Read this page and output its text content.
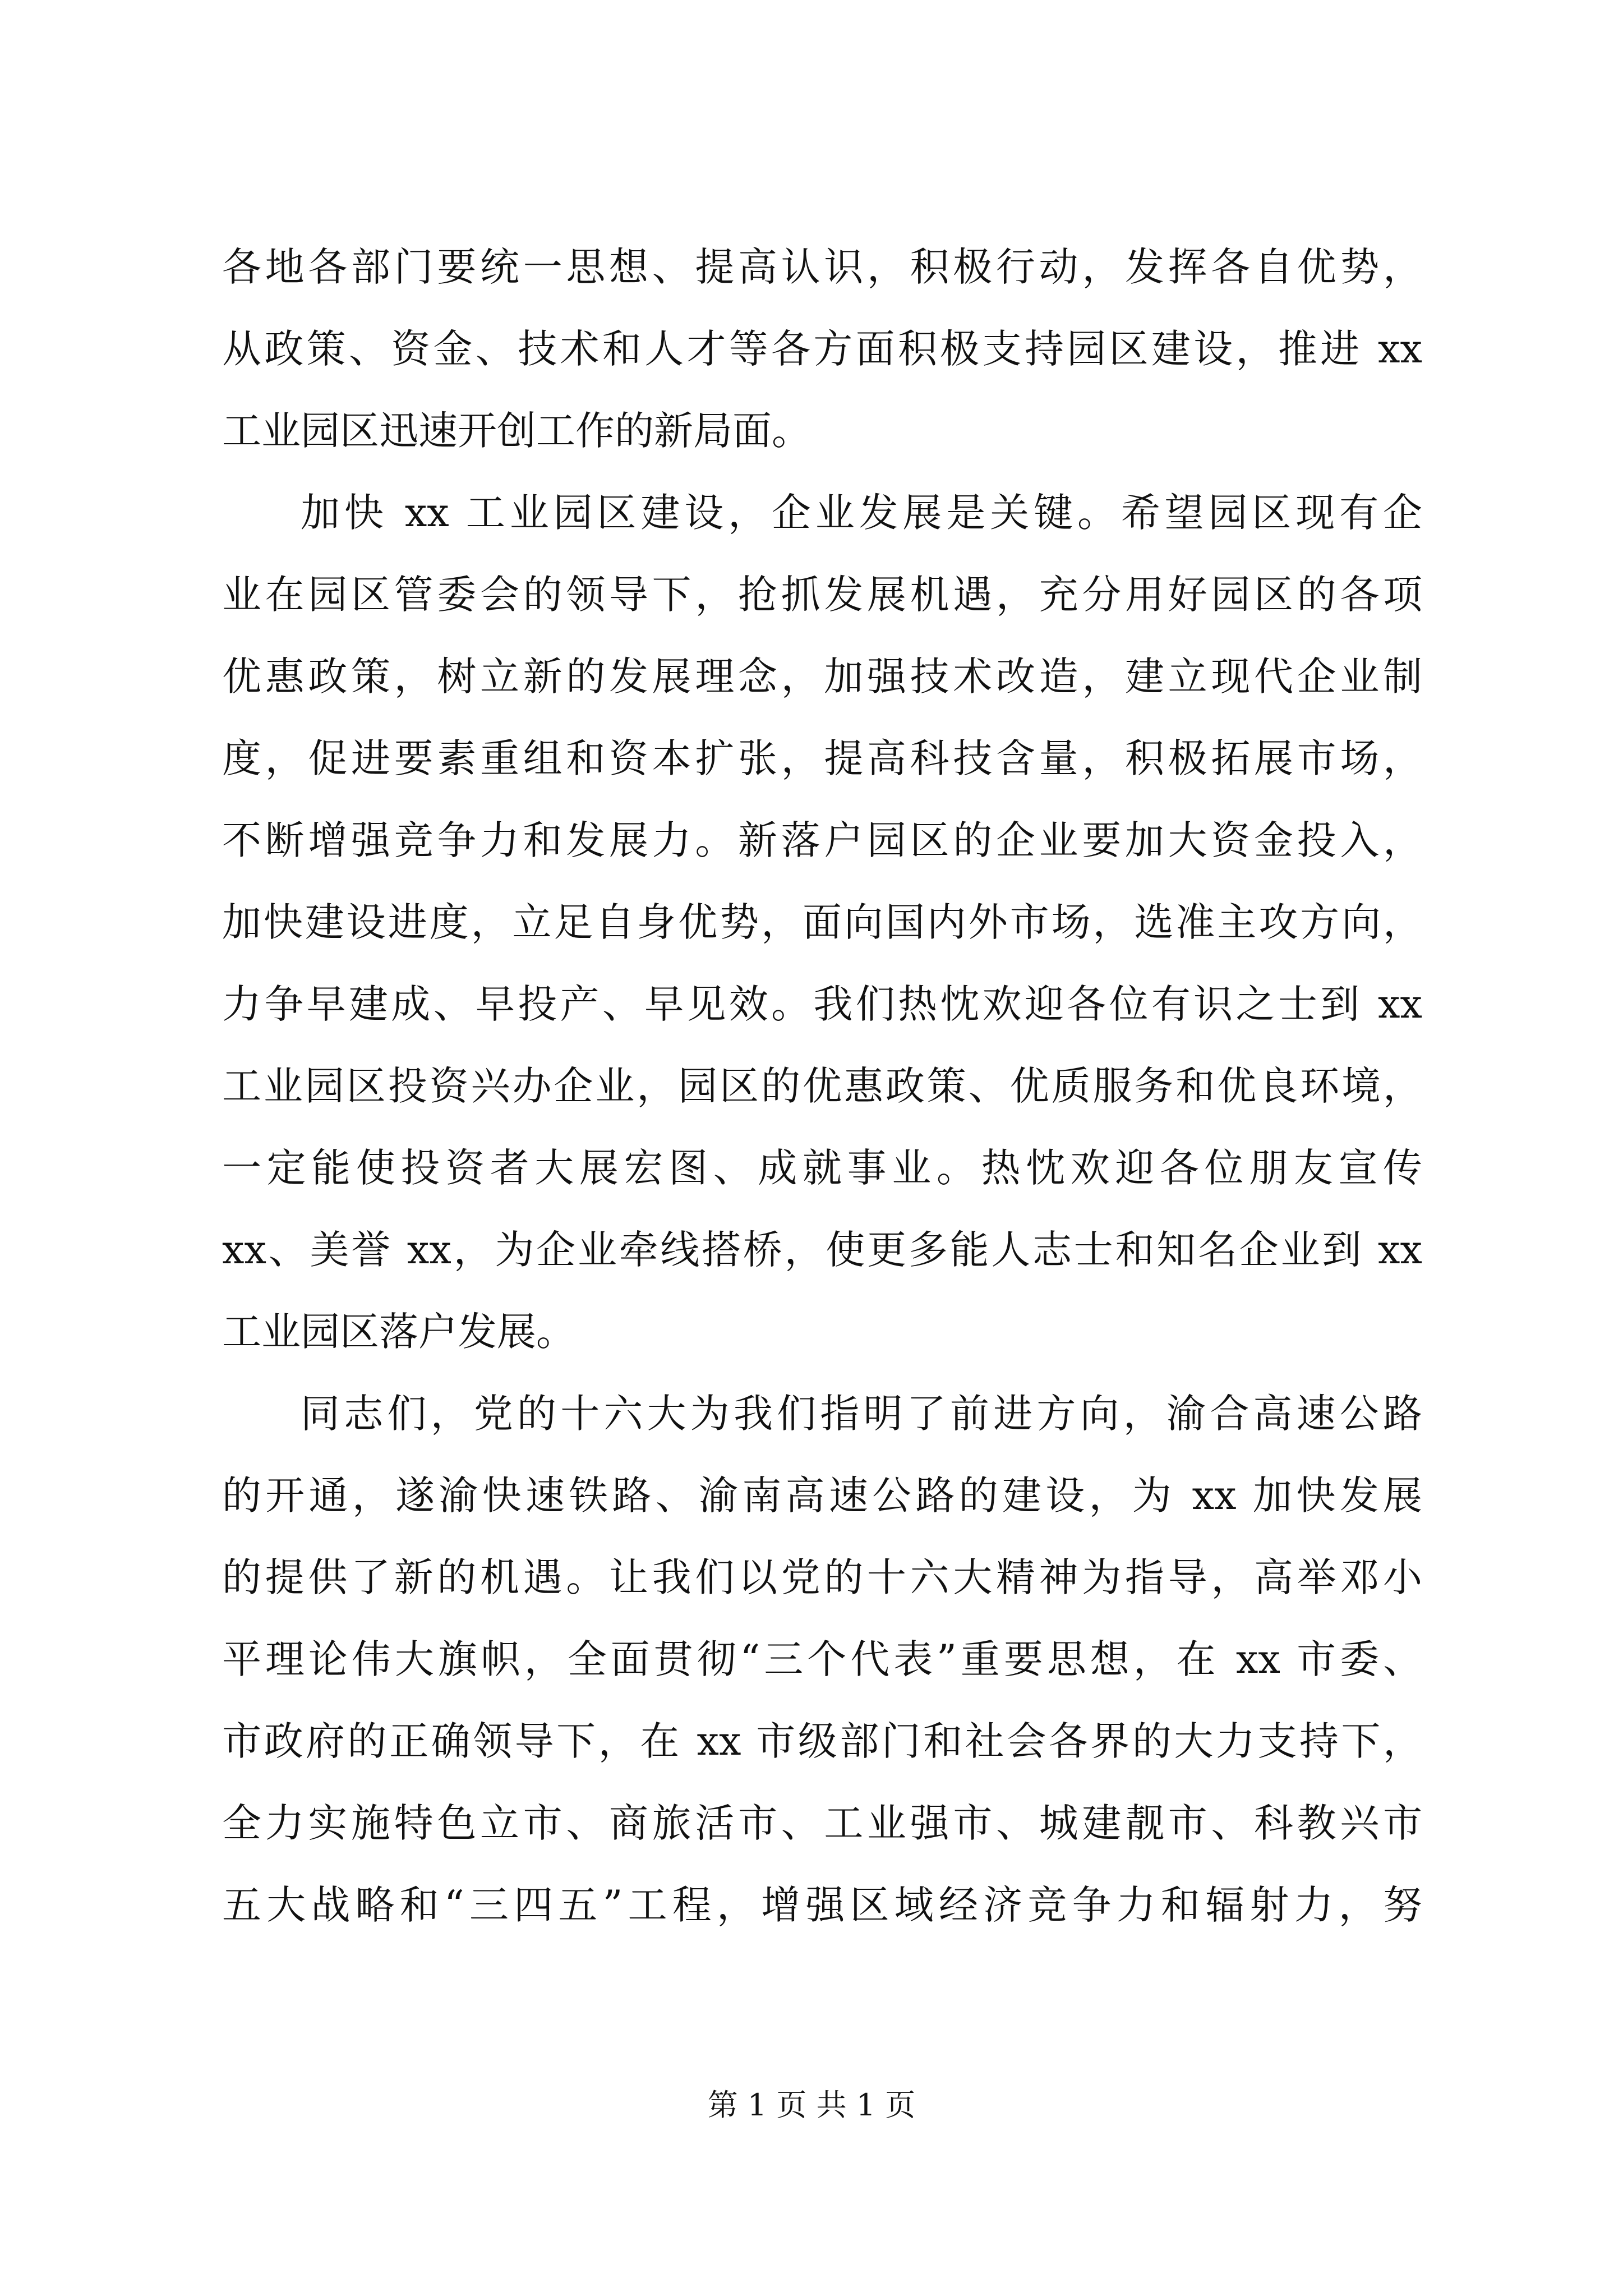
各地各部门要统一思想、提高认识，积极行动，发挥各自优势，
从政策、资金、技术和人才等各方面积极支持园区建设，推进 xx
工业园区迅速开创工作的新局面。
加快 xx 工业园区建设，企业发展是关键。希望园区现有企
业在园区管委会的领导下，抢抓发展机遇，充分用好园区的各项
优惠政策，树立新的发展理念，加强技术改造，建立现代企业制
度，促进要素重组和资本扩张，提高科技含量，积极拓展市场，
不断增强竞争力和发展力。新落户园区的企业要加大资金投入，
加快建设进度，立足自身优势，面向国内外市场，选准主攻方向，
力争早建成、早投产、早见效。我们热忱欢迎各位有识之士到 xx
工业园区投资兴办企业，园区的优惠政策、优质服务和优良环境，
一定能使投资者大展宏图、成就事业。热忱欢迎各位朋友宣传
xx、美誉 xx，为企业牵线搭桥，使更多能人志士和知名企业到 xx
工业园区落户发展。
同志们，党的十六大为我们指明了前进方向，渝合高速公路
的开通，遂渝快速铁路、渝南高速公路的建设，为 xx 加快发展
的提供了新的机遇。让我们以党的十六大精神为指导，高举邓小
平理论伟大旗帜，全面贯彻“三个代表”重要思想，在 xx 市委、
市政府的正确领导下，在 xx 市级部门和社会各界的大力支持下，
全力实施特色立市、商旅活市、工业强市、城建靓市、科教兴市
五大战略和“三四五”工程，增强区域经济竞争力和辐射力，努
第 1 页 共 1 页
